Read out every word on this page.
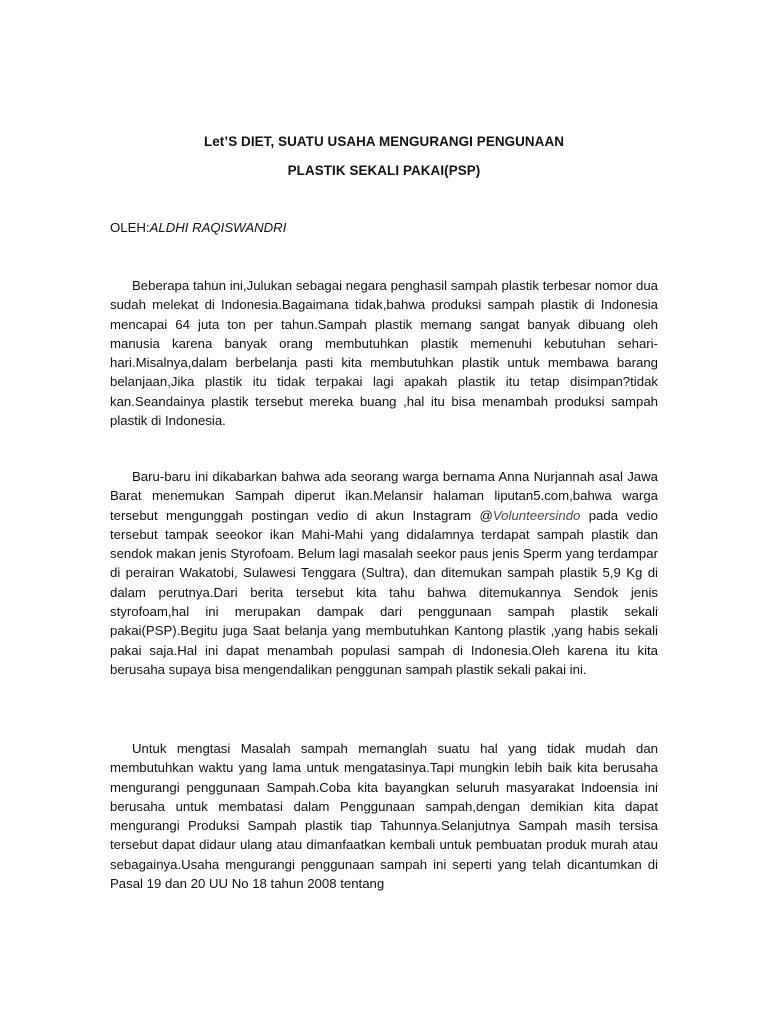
Let’S DIET, SUATU USAHA MENGURANGI PENGUNAAN
PLASTIK SEKALI PAKAI(PSP)
OLEH:ALDHI RAQISWANDRI

Beberapa tahun ini,Julukan sebagai negara penghasil sampah plastik terbesar nomor dua sudah melekat di Indonesia.Bagaimana tidak,bahwa produksi sampah plastik di Indonesia mencapai 64 juta ton per tahun.Sampah plastik memang sangat banyak dibuang oleh manusia karena banyak orang membutuhkan plastik memenuhi kebutuhan sehari-hari.Misalnya,dalam berbelanja pasti kita membutuhkan plastik untuk membawa barang belanjaan,Jika plastik itu tidak terpakai lagi apakah plastik itu tetap disimpan?tidak kan.Seandainya plastik tersebut mereka buang ,hal itu bisa menambah produksi sampah plastik di Indonesia.

Baru-baru ini dikabarkan bahwa ada seorang warga bernama Anna Nurjannah asal Jawa Barat menemukan Sampah diperut ikan.Melansir halaman liputan5.com,bahwa warga tersebut mengunggah postingan vedio di akun Instagram @Volunteersindo pada vedio tersebut tampak seeokor ikan Mahi-Mahi yang didalamnya terdapat sampah plastik dan sendok makan jenis Styrofoam. Belum lagi masalah seekor paus jenis Sperm yang terdampar di perairan Wakatobi, Sulawesi Tenggara (Sultra), dan ditemukan sampah plastik 5,9 Kg di dalam perutnya.Dari berita tersebut kita tahu bahwa ditemukannya Sendok jenis styrofoam,hal ini merupakan dampak dari penggunaan sampah plastik sekali pakai(PSP).Begitu juga Saat belanja yang membutuhkan Kantong plastik ,yang habis sekali pakai saja.Hal ini dapat menambah populasi sampah di Indonesia.Oleh karena itu kita berusaha supaya bisa mengendalikan penggunan sampah plastik sekali pakai ini.

Untuk mengtasi Masalah sampah memanglah suatu hal yang tidak mudah dan membutuhkan waktu yang lama untuk mengatasinya.Tapi mungkin lebih baik kita berusaha mengurangi penggunaan Sampah.Coba kita bayangkan seluruh masyarakat Indoensia ini berusaha untuk membatasi dalam Penggunaan sampah,dengan demikian kita dapat mengurangi Produksi Sampah plastik tiap Tahunnya.Selanjutnya Sampah masih tersisa tersebut dapat didaur ulang atau dimanfaatkan kembali untuk pembuatan produk murah atau sebagainya.Usaha mengurangi penggunaan sampah ini seperti yang telah dicantumkan di Pasal 19 dan 20 UU No 18 tahun 2008 tentang
